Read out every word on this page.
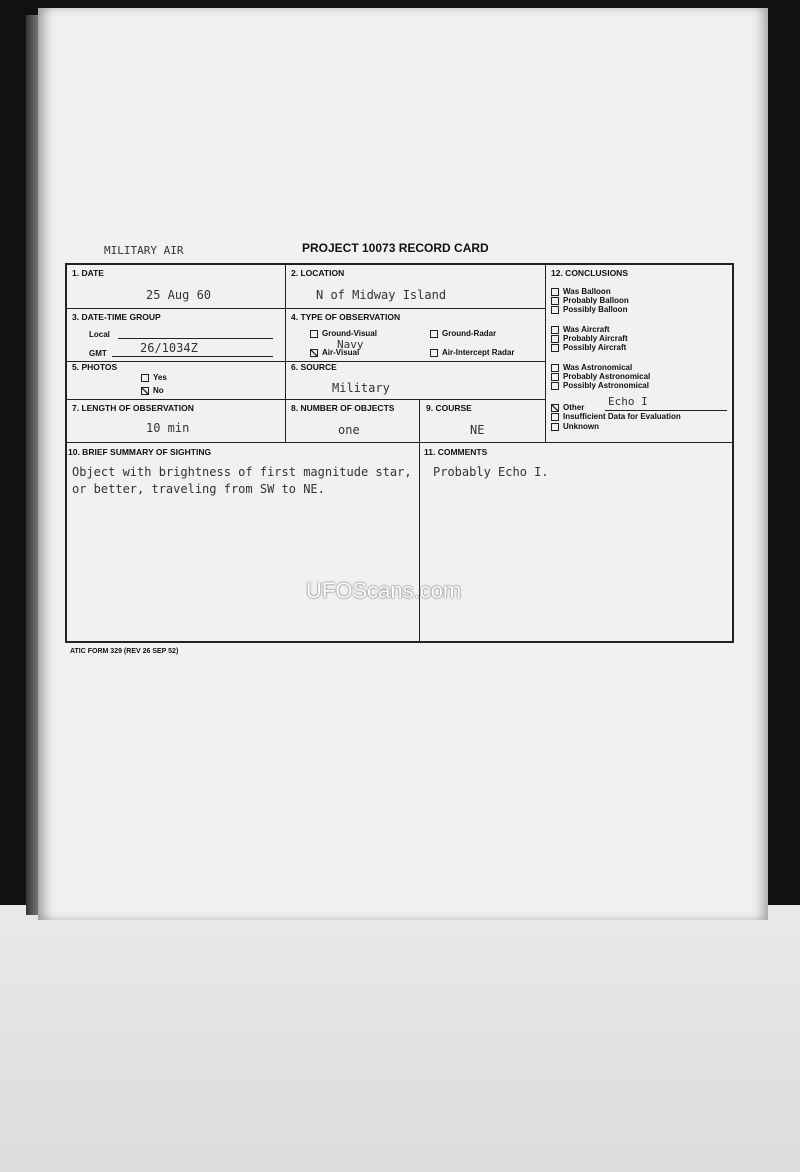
MILITARY AIR	PROJECT 10073 RECORD CARD
1. DATE
25 Aug 60
2. LOCATION
N of Midway Island
3. DATE-TIME GROUP
Local
GMT	26/1034Z
4. TYPE OF OBSERVATION
Ground-Visual	Ground-Radar
Navy
Air-Visual	Air-Intercept Radar
5. PHOTOS
Yes
No
6. SOURCE
Military
7. LENGTH OF OBSERVATION
10 min
8. NUMBER OF OBJECTS
one
9. COURSE
NE
10. BRIEF SUMMARY OF SIGHTING
Object with brightness of first magnitude star,
or better, traveling from SW to NE.
11. COMMENTS
Probably Echo I.
12. CONCLUSIONS
Was Balloon
Probably Balloon
Possibly Balloon
Was Aircraft
Probably Aircraft
Possibly Aircraft
Was Astronomical
Probably Astronomical
Possibly Astronomical
Other Echo I
Insufficient Data for Evaluation
Unknown
UFOScans.com
ATIC FORM 329 (REV 26 SEP 52)
